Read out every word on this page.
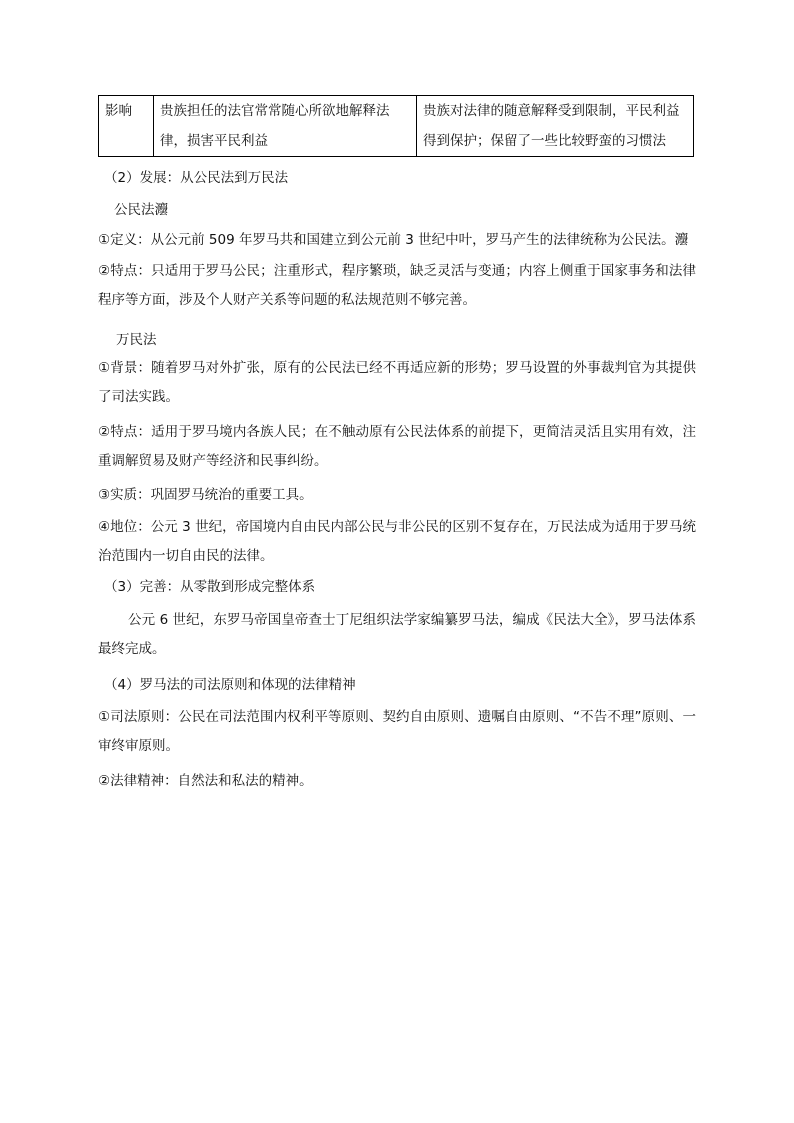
影响	贵族担任的法官常常随心所欲地解释法律，损害平民利益	贵族对法律的随意解释受到限制，平民利益得到保护；保留了一些比较野蛮的习惯法
（2）发展：从公民法到万民法
公民法灋
①定义：从公元前 509 年罗马共和国建立到公元前 3 世纪中叶，罗马产生的法律统称为公民法。灋
②特点：只适用于罗马公民；注重形式，程序繁琐，缺乏灵活与变通；内容上侧重于国家事务和法律程序等方面，涉及个人财产关系等问题的私法规范则不够完善。
万民法
①背景：随着罗马对外扩张，原有的公民法已经不再适应新的形势；罗马设置的外事裁判官为其提供了司法实践。
②特点：适用于罗马境内各族人民；在不触动原有公民法体系的前提下，更简洁灵活且实用有效，注重调解贸易及财产等经济和民事纠纷。
③实质：巩固罗马统治的重要工具。
④地位：公元 3 世纪，帝国境内自由民内部公民与非公民的区别不复存在，万民法成为适用于罗马统治范围内一切自由民的法律。
（3）完善：从零散到形成完整体系
公元 6 世纪，东罗马帝国皇帝查士丁尼组织法学家编纂罗马法，编成《民法大全》，罗马法体系最终完成。
（4）罗马法的司法原则和体现的法律精神
①司法原则：公民在司法范围内权利平等原则、契约自由原则、遗嘱自由原则、“不告不理”原则、一审终审原则。
②法律精神：自然法和私法的精神。
